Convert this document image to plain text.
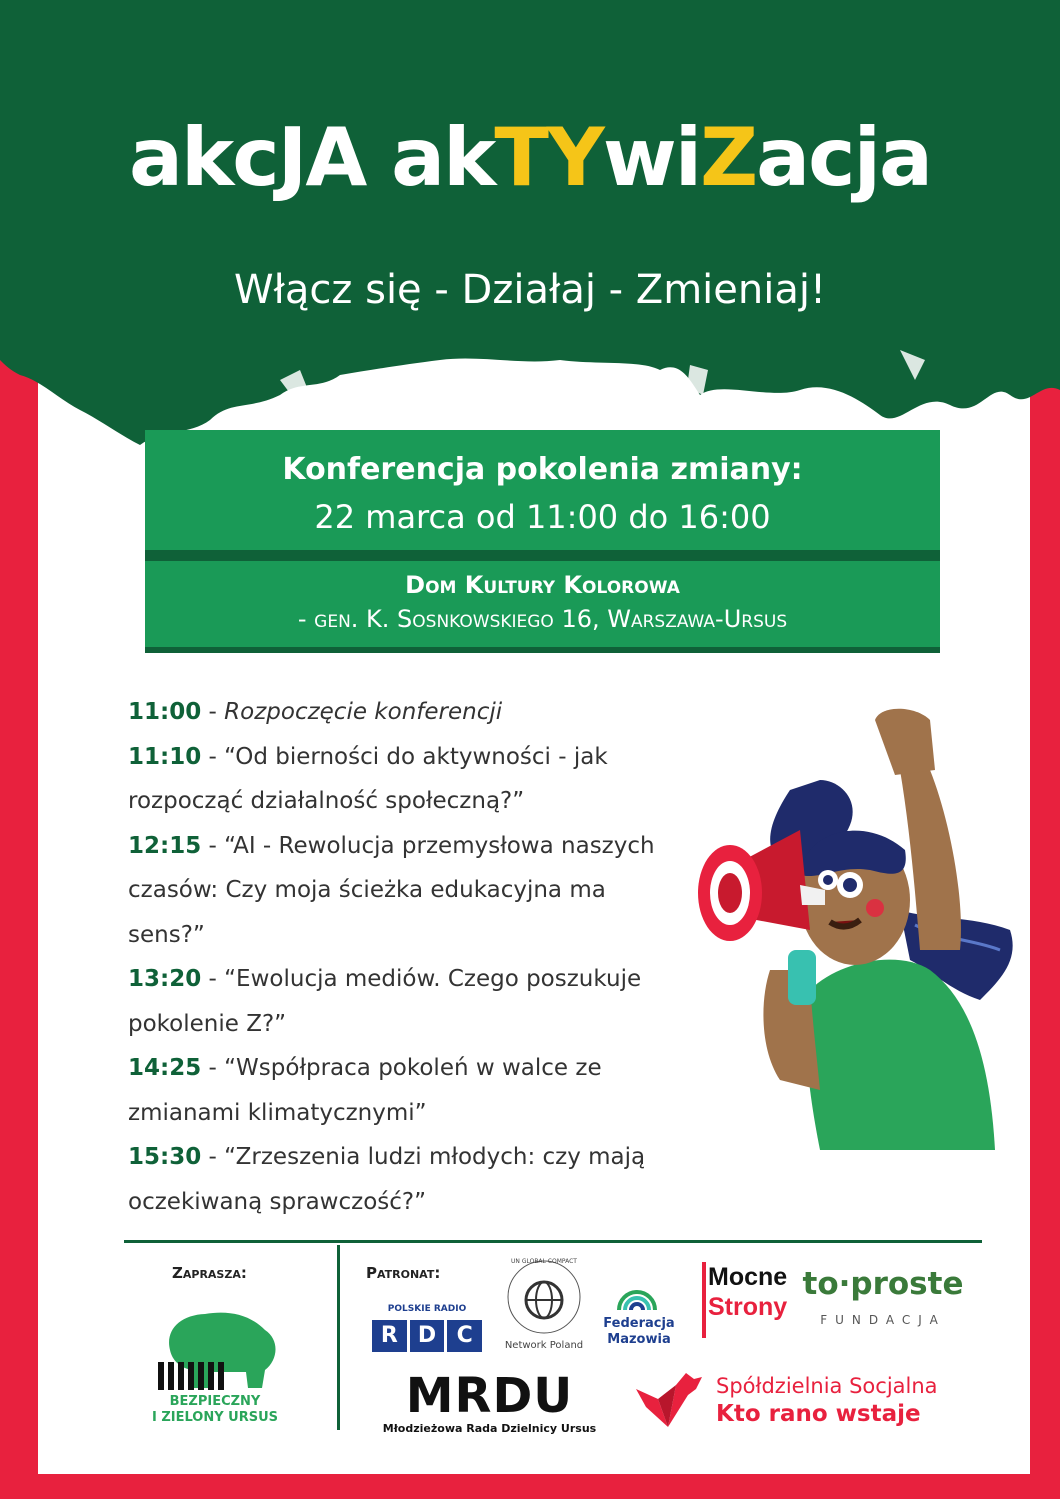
akcJA akTYwiZacja
Włącz się - Działaj - Zmieniaj!
Konferencja pokolenia zmiany:
22 marca od 11:00 do 16:00
Dom Kultury Kolorowa
- gen. K. Sosnkowskiego 16, Warszawa-Ursus
11:00 - Rozpoczęcie konferencji
11:10 - “Od bierności do aktywności - jak rozpocząć działalność społeczną?”
12:15 - “AI - Rewolucja przemysłowa naszych czasów: Czy moja ścieżka edukacyjna ma sens?”
13:20 - “Ewolucja mediów. Czego poszukuje pokolenie Z?”
14:25 - “Współpraca pokoleń w walce ze zmianami klimatycznymi”
15:30 - “Zrzeszenia ludzi młodych: czy mają oczekiwaną sprawczość?”
Zaprasza:	Patronat:
BEZPIECZNY
I ZIELONY URSUS
POLSKIE RADIO
R D C
UN GLOBAL COMPACT
Network Poland
Federacja
Mazowia
Mocne
Strony
to·proste
FUNDACJA
MRDU
Młodzieżowa Rada Dzielnicy Ursus
Spółdzielnia Socjalna
Kto rano wstaje
